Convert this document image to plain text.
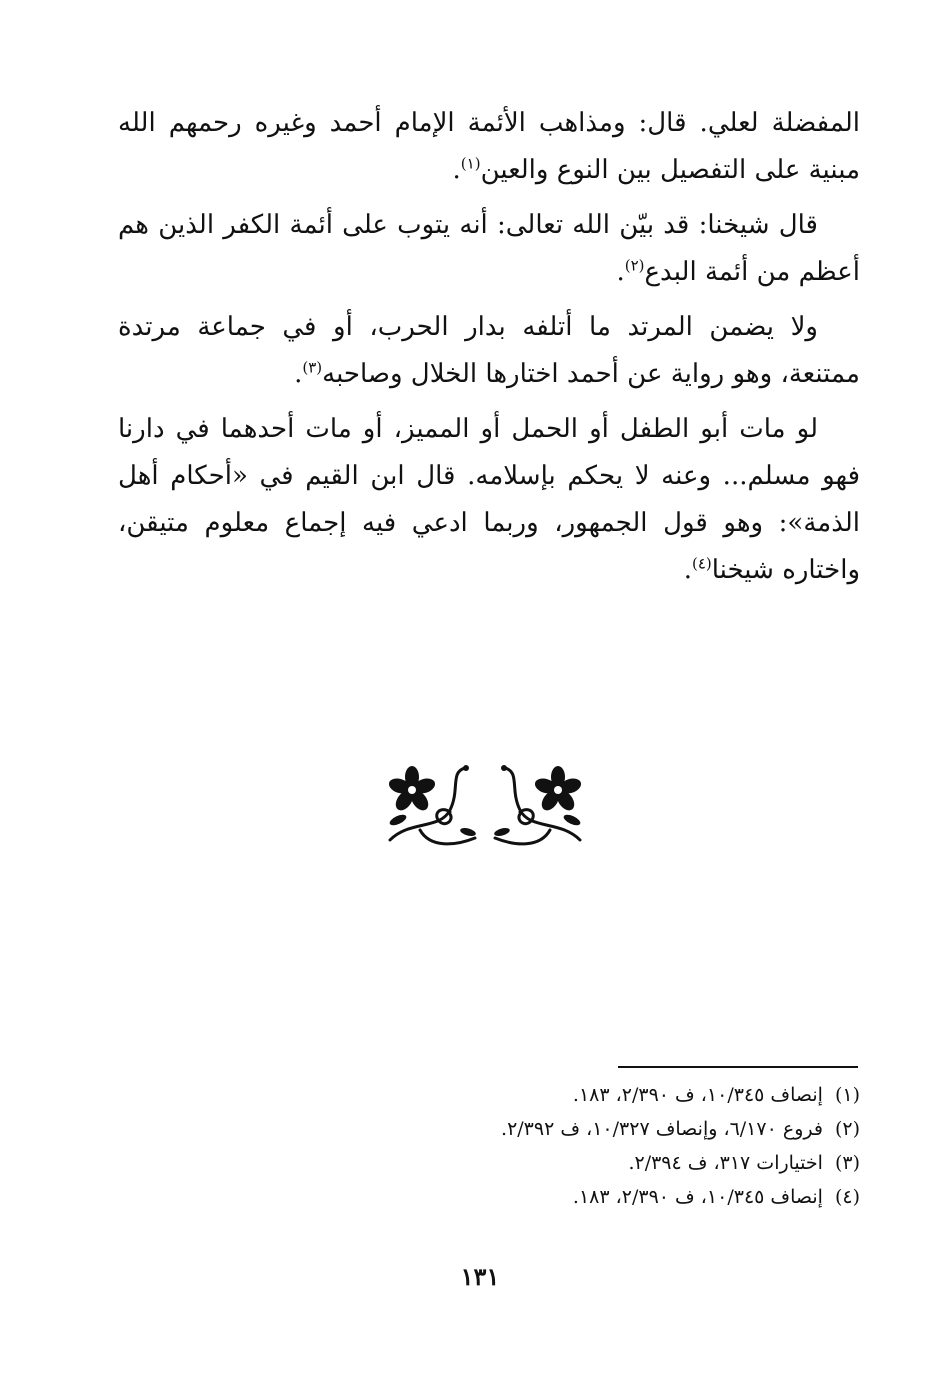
المفضلة لعلي. قال: ومذاهب الأئمة الإمام أحمد وغيره رحمهم الله مبنية على التفصيل بين النوع والعين$^{(١)}$.

قال شيخنا: قد بيّن الله تعالى: أنه يتوب على أئمة الكفر الذين هم أعظم من أئمة البدع$^{(٢)}$.

ولا يضمن المرتد ما أتلفه بدار الحرب، أو في جماعة مرتدة ممتنعة، وهو رواية عن أحمد اختارها الخلال وصاحبه$^{(٣)}$.

لو مات أبو الطفل أو الحمل أو المميز، أو مات أحدهما في دارنا فهو مسلم... وعنه لا يحكم بإسلامه. قال ابن القيم في «أحكام أهل الذمة»: وهو قول الجمهور، وربما ادعي فيه إجماع معلوم متيقن، واختاره شيخنا$^{(٤)}$.

(١)إنصاف ١٠/٣٤٥، ف ٢/٣٩٠، ١٨٣.

(٢)فروع ٦/١٧٠، وإنصاف ١٠/٣٢٧، ف ٢/٣٩٢.

(٣)اختيارات ٣١٧، ف ٢/٣٩٤.

(٤)إنصاف ١٠/٣٤٥، ف ٢/٣٩٠، ١٨٣.

١٣١
